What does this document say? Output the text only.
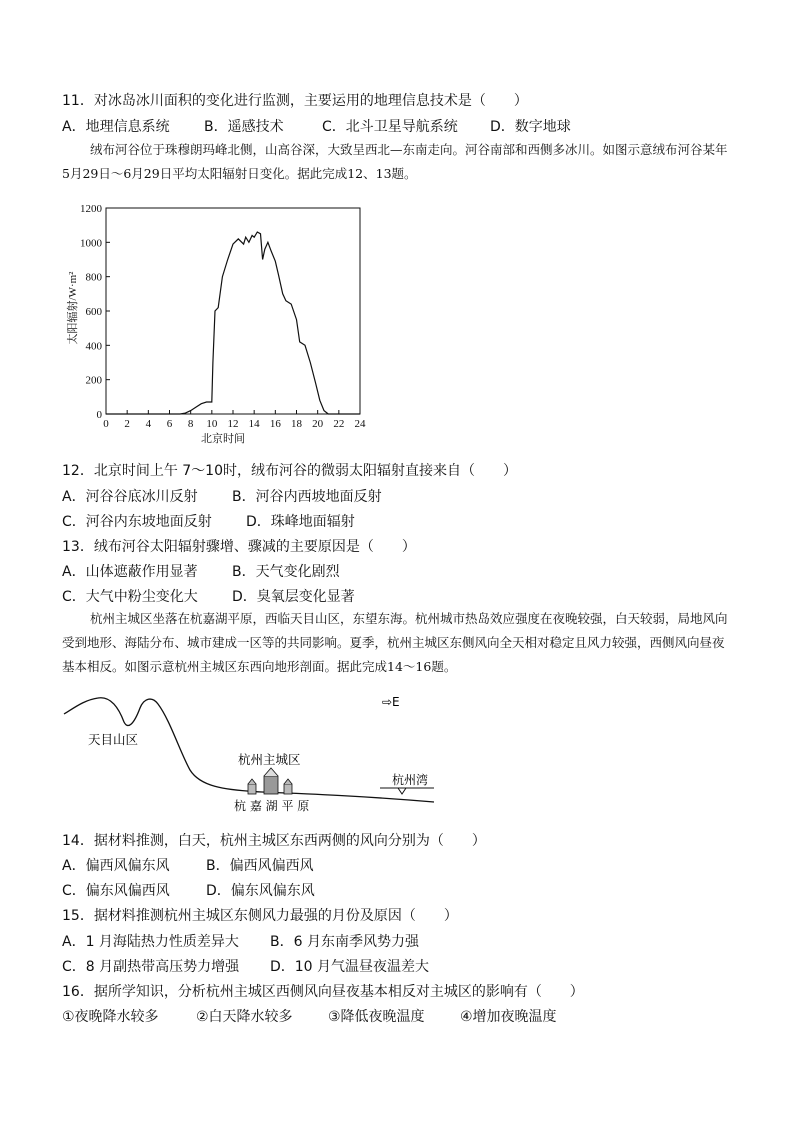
11．对冰岛冰川面积的变化进行监测，主要运用的地理信息技术是（　　）
A．地理信息系统 B．遥感技术	C．北斗卫星导航系统 D．数字地球
绒布河谷位于珠穆朗玛峰北侧，山高谷深，大致呈西北—东南走向。河谷南部和西侧多冰川。如图示意绒布河谷某年5月29日～6月29日平均太阳辐射日变化。据此完成12、13题。
0 2 4 6 8 10 12 14 16 18 20 22 24
0
200
400
600
800
1000
1200
太阳辐射/W·m²
北京时间
12．北京时间上午 7～10时，绒布河谷的微弱太阳辐射直接来自（　　）
A．河谷谷底冰川反射 B．河谷内西坡地面反射
C．河谷内东坡地面反射 D．珠峰地面辐射
13．绒布河谷太阳辐射骤增、骤减的主要原因是（　　）
A．山体遮蔽作用显著 B．天气变化剧烈
C．大气中粉尘变化大 D．臭氧层变化显著
杭州主城区坐落在杭嘉湖平原，西临天目山区，东望东海。杭州城市热岛效应强度在夜晚较强，白天较弱，局地风向受到地形、海陆分布、城市建成一区等的共同影响。夏季，杭州主城区东侧风向全天相对稳定且风力较强，西侧风向昼夜基本相反。如图示意杭州主城区东西向地形剖面。据此完成14～16题。
⇨E
天目山区
杭州主城区
杭 嘉 湖 平 原
杭州湾
14．据材料推测，白天，杭州主城区东西两侧的风向分别为（　　）
A．偏西风偏东风	B．偏西风偏西风
C．偏东风偏西风	D．偏东风偏东风
15．据材料推测杭州主城区东侧风力最强的月份及原因（　　）
A．1 月海陆热力性质差异大 B．6 月东南季风势力强
C．8 月副热带高压势力增强 D．10 月气温昼夜温差大
16．据所学知识，分析杭州主城区西侧风向昼夜基本相反对主城区的影响有（　　）
①夜晚降水较多	②白天降水较多	③降低夜晚温度	④增加夜晚温度
